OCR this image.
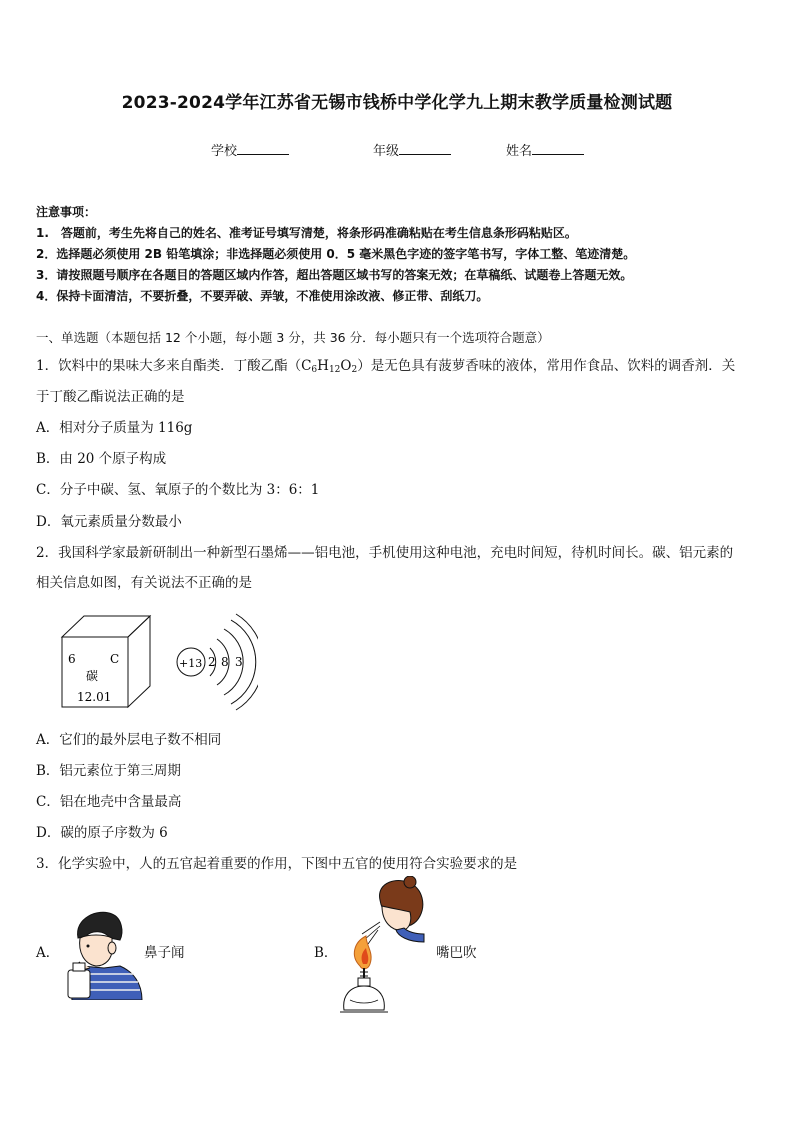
2023-2024学年江苏省无锡市钱桥中学化学九上期末教学质量检测试题
学校	年级	姓名
注意事项：
1.　答题前，考生先将自己的姓名、准考证号填写清楚，将条形码准确粘贴在考生信息条形码粘贴区。
2．选择题必须使用 2B 铅笔填涂；非选择题必须使用 0．5 毫米黑色字迹的签字笔书写，字体工整、笔迹清楚。
3．请按照题号顺序在各题目的答题区域内作答，超出答题区域书写的答案无效；在草稿纸、试题卷上答题无效。
4．保持卡面清洁，不要折叠，不要弄破、弄皱，不准使用涂改液、修正带、刮纸刀。
一、单选题（本题包括 12 个小题，每小题 3 分，共 36 分．每小题只有一个选项符合题意）
1．饮料中的果味大多来自酯类．丁酸乙酯$(C_6H_{12}O_2)$是无色具有菠萝香味的液体，常用作食品、饮料的调香剂．关
于丁酸乙酯说法正确的是
A．相对分子质量为 116g
B．由 20 个原子构成
C．分子中碳、氢、氧原子的个数比为 3：6：1
D．氧元素质量分数最小
2．我国科学家最新研制出一种新型石墨烯——铝电池，手机使用这种电池，充电时间短，待机时间长。碳、铝元素的
相关信息如图，有关说法不正确的是
6	C
碳
12.01
+13 2 8 3
A．它们的最外层电子数不相同
B．铝元素位于第三周期
C．铝在地壳中含量最高
D．碳的原子序数为 6
3．化学实验中，人的五官起着重要的作用，下图中五官的使用符合实验要求的是
A．	鼻子闻	B．	嘴巴吹
